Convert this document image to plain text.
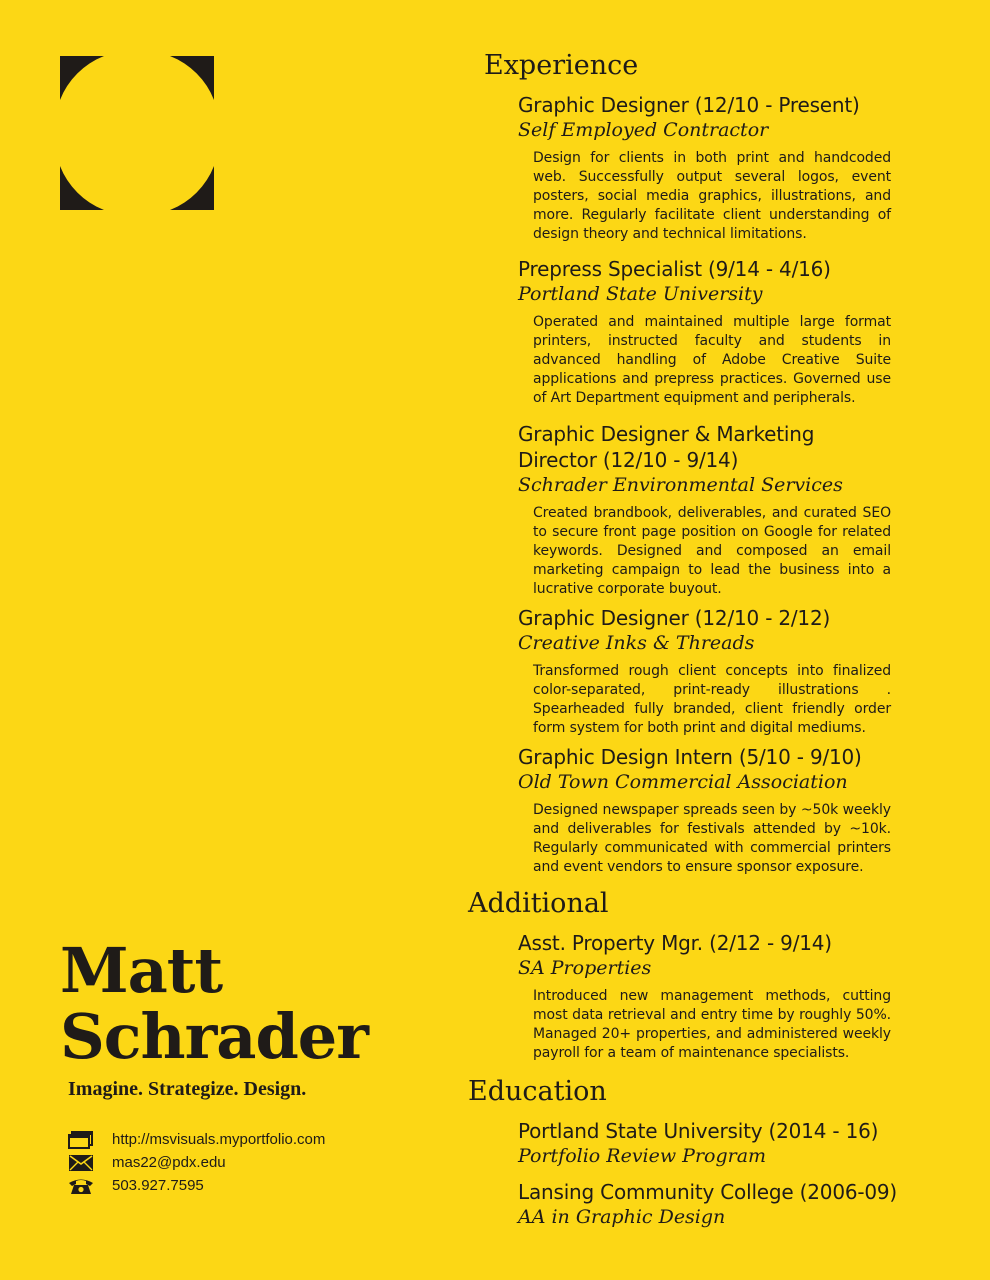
Matt
Schrader
Imagine. Strategize. Design.
http://msvisuals.myportfolio.com
mas22@pdx.edu
503.927.7595
Experience
Graphic Designer (12/10 - Present)
Self Employed Contractor

Design for clients in both print and handcoded web. Successfully output several logos, event posters, social media graphics, illustrations, and more. Regularly facilitate client understanding of design theory and technical limitations.

Prepress Specialist (9/14 - 4/16)
Portland State University

Operated and maintained multiple large format printers, instructed faculty and students in advanced handling of Adobe Creative Suite applications and prepress practices. Governed use of Art Department equipment and peripherals.

Graphic Designer & Marketing Director (12/10 - 9/14)
Schrader Environmental Services

Created brandbook, deliverables, and curated SEO to secure front page position on Google for related keywords. Designed and composed an email marketing campaign to lead the business into a lucrative corporate buyout.

Graphic Designer (12/10 - 2/12)
Creative Inks & Threads

Transformed rough client concepts into finalized color-separated, print-ready illustrations . Spearheaded fully branded, client friendly order form system for both print and digital mediums.

Graphic Design Intern (5/10 - 9/10)
Old Town Commercial Association

Designed newspaper spreads seen by ~50k weekly and deliverables for festivals attended by ~10k. Regularly communicated with commercial printers and event vendors to ensure sponsor exposure.

Additional
Asst. Property Mgr. (2/12 - 9/14)
SA Properties

Introduced new management methods, cutting most data retrieval and entry time by roughly 50%. Managed 20+ properties, and administered weekly payroll for a team of maintenance specialists.

Education
Portland State University (2014 - 16)
Portfolio Review Program
Lansing Community College (2006-09)
AA in Graphic Design
